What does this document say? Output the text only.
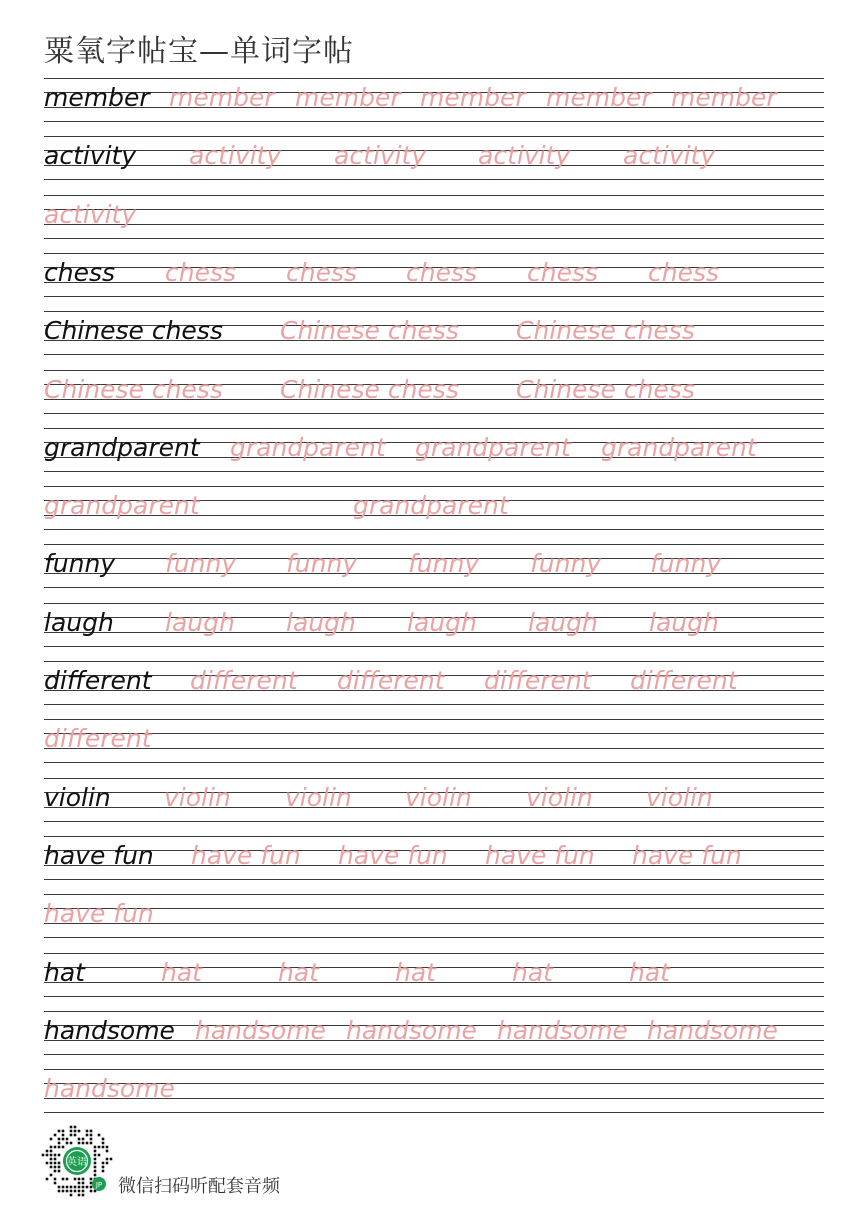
粟氧字帖宝—单词字帖
member member member member member member
activity activity activity activity activity
activity
chess chess chess chess chess chess
Chinese chess Chinese chess Chinese chess
Chinese chess Chinese chess Chinese chess
grandparent grandparent grandparent grandparent
grandparent	grandparent
funny funny funny funny funny funny
laugh laugh laugh laugh laugh laugh
different different different different different
different
violin violin violin violin violin violin
have fun have fun have fun have fun have fun
have fun
hat	hat	hat	hat	hat	hat
handsome handsome handsome handsome handsome
handsome
英语
JP 微信扫码听配套音频
